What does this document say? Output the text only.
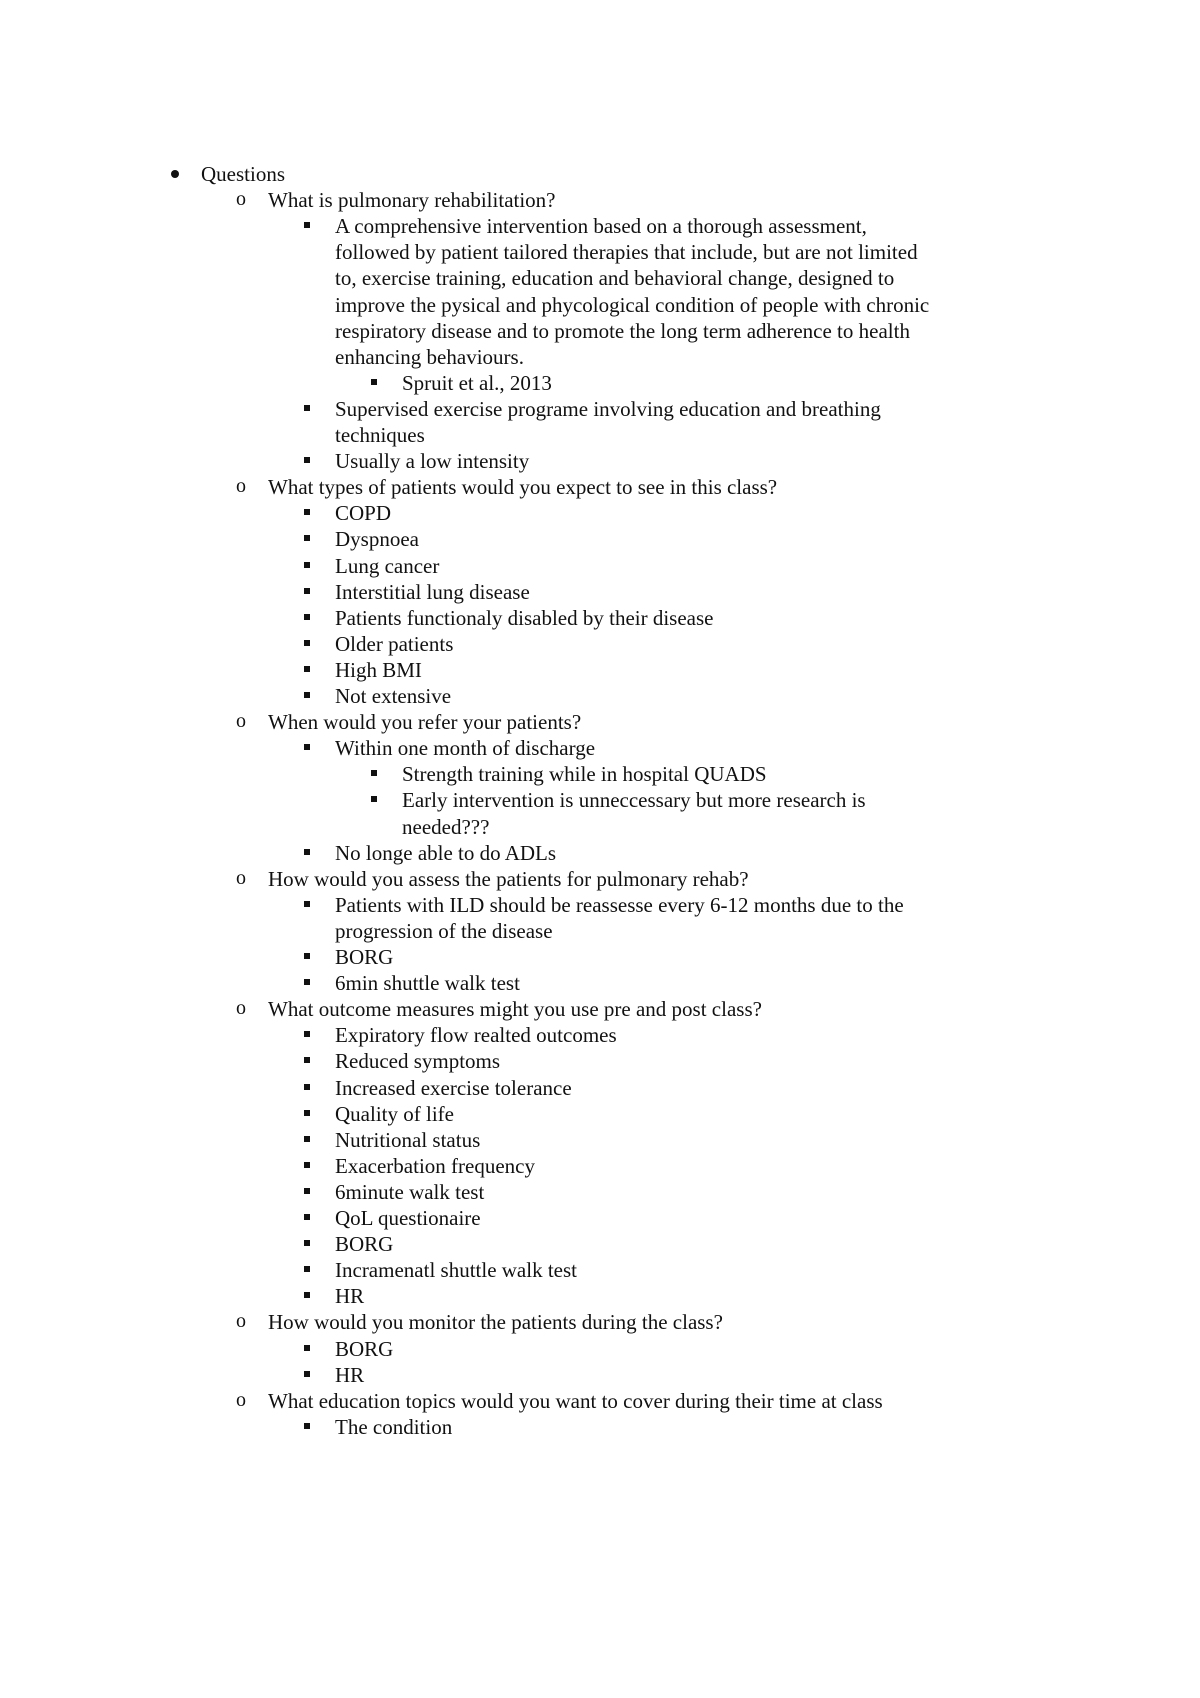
Questions
o What is pulmonary rehabilitation?
A comprehensive intervention based on a thorough assessment,
followed by patient tailored therapies that include, but are not limited
to, exercise training, education and behavioral change, designed to
improve the pysical and phycological condition of people with chronic
respiratory disease and to promote the long term adherence to health
enhancing behaviours.
Spruit et al., 2013
Supervised exercise programe involving education and breathing
techniques
Usually a low intensity
o What types of patients would you expect to see in this class?
COPD
Dyspnoea
Lung cancer
Interstitial lung disease
Patients functionaly disabled by their disease
Older patients
High BMI
Not extensive
o When would you refer your patients?
Within one month of discharge
Strength training while in hospital QUADS
Early intervention is unneccessary but more research is
needed???
No longe able to do ADLs
o How would you assess the patients for pulmonary rehab?
Patients with ILD should be reassesse every 6-12 months due to the
progression of the disease
BORG
6min shuttle walk test
o What outcome measures might you use pre and post class?
Expiratory flow realted outcomes
Reduced symptoms
Increased exercise tolerance
Quality of life
Nutritional status
Exacerbation frequency
6minute walk test
QoL questionaire
BORG
Incramenatl shuttle walk test
HR
o How would you monitor the patients during the class?
BORG
HR
o What education topics would you want to cover during their time at class
The condition
